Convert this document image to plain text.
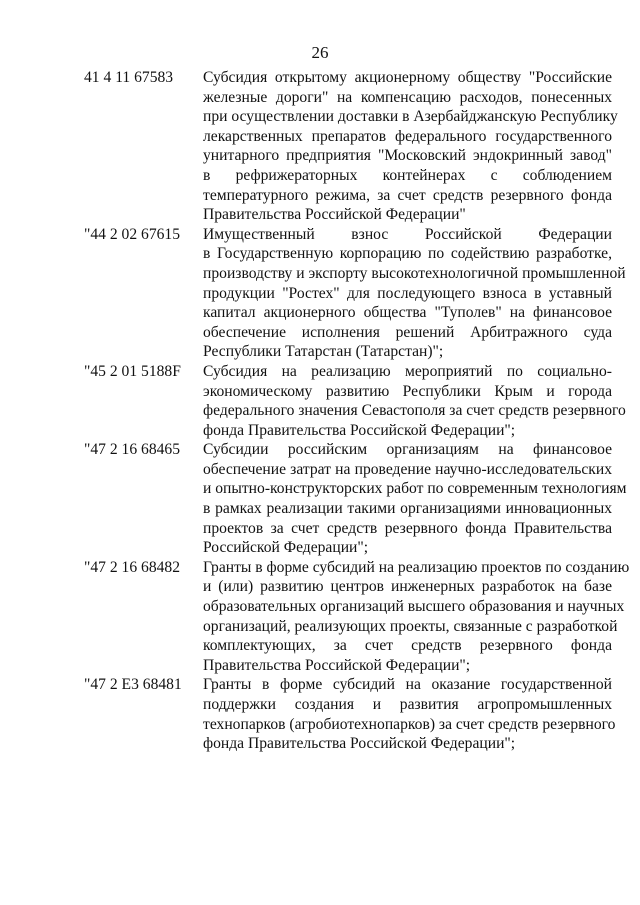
26
41 4 11 67583	Субсидия открытому акционерному обществу "Российские
железные дороги" на компенсацию расходов, понесенных
при осуществлении доставки в Азербайджанскую Республику
лекарственных препаратов федерального государственного
унитарного предприятия "Московский эндокринный завод"
в рефрижераторных контейнерах с соблюдением
температурного режима, за счет средств резервного фонда
Правительства Российской Федерации"
"44 2 02 67615	Имущественный взнос Российской Федерации
в Государственную корпорацию по содействию разработке,
производству и экспорту высокотехнологичной промышленной
продукции "Ростех" для последующего взноса в уставный
капитал акционерного общества "Туполев" на финансовое
обеспечение исполнения решений Арбитражного суда
Республики Татарстан (Татарстан)";
"45 2 01 5188F	Субсидия на реализацию мероприятий по социально-
экономическому развитию Республики Крым и города
федерального значения Севастополя за счет средств резервного
фонда Правительства Российской Федерации";
"47 2 16 68465	Субсидии российским организациям на финансовое
обеспечение затрат на проведение научно-исследовательских
и опытно-конструкторских работ по современным технологиям
в рамках реализации такими организациями инновационных
проектов за счет средств резервного фонда Правительства
Российской Федерации";
"47 2 16 68482	Гранты в форме субсидий на реализацию проектов по созданию
и (или) развитию центров инженерных разработок на базе
образовательных организаций высшего образования и научных
организаций, реализующих проекты, связанные с разработкой
комплектующих, за счет средств резервного фонда
Правительства Российской Федерации";
"47 2 E3 68481	Гранты в форме субсидий на оказание государственной
поддержки создания и развития агропромышленных
технопарков (агробиотехнопарков) за счет средств резервного
фонда Правительства Российской Федерации";
